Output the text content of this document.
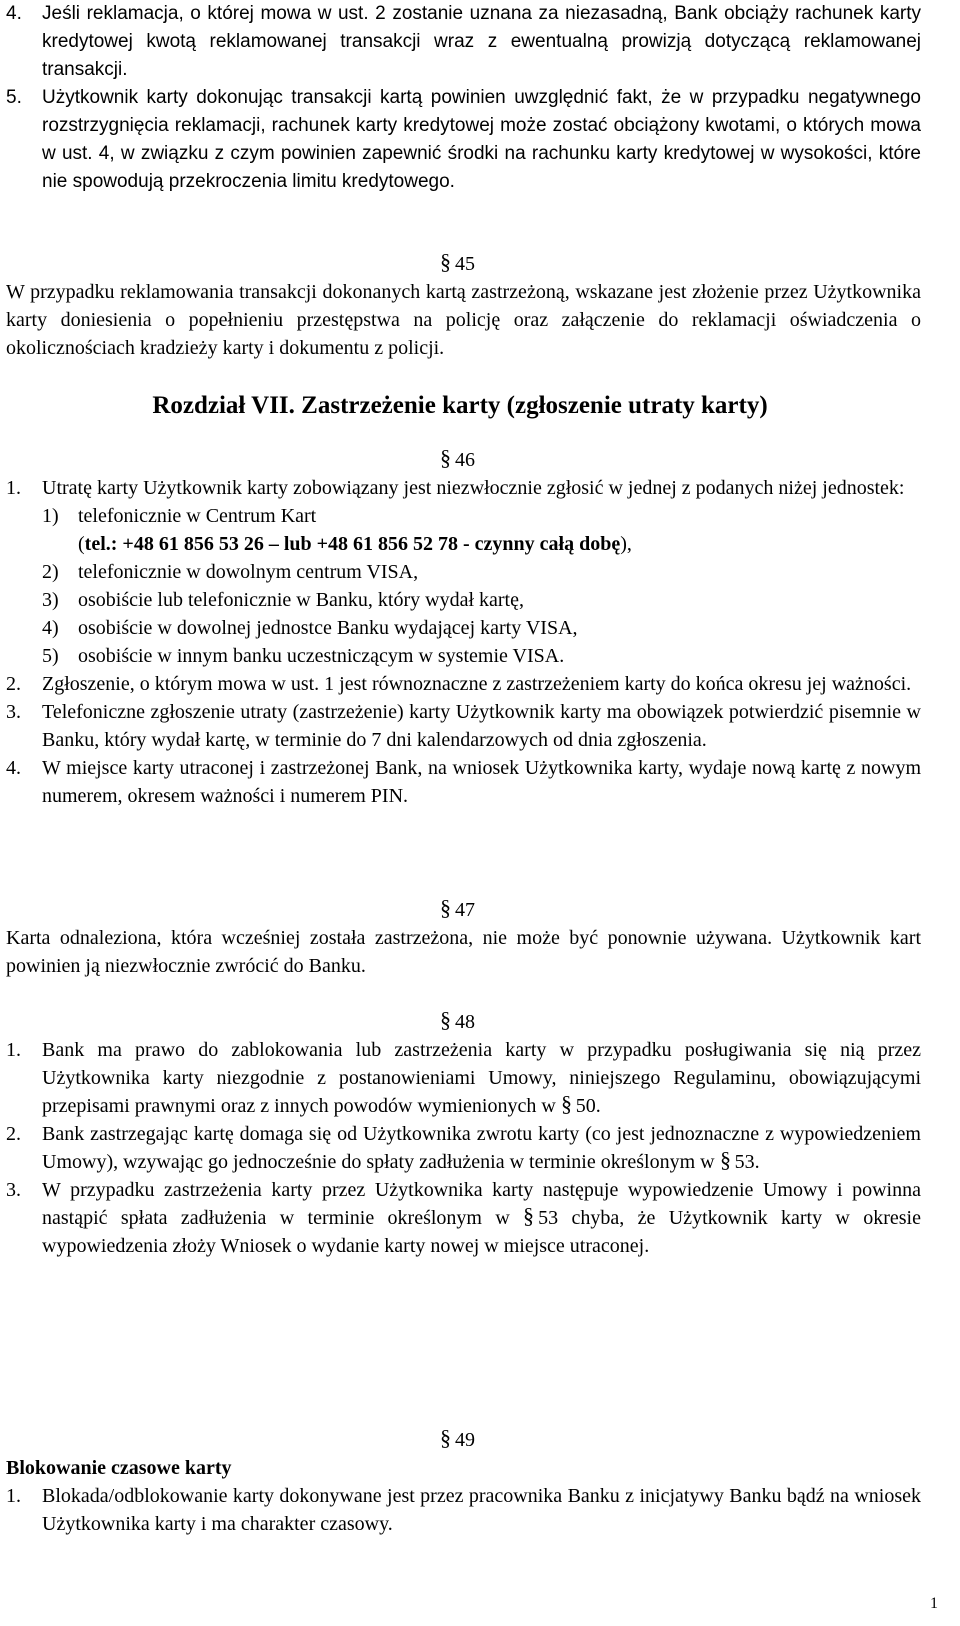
4. Jeśli reklamacja, o której mowa w ust. 2 zostanie uznana za niezasadną, Bank obciąży rachunek karty kredytowej kwotą reklamowanej transakcji wraz z ewentualną prowizją dotyczącą reklamowanej transakcji.
5. Użytkownik karty dokonując transakcji kartą powinien uwzględnić fakt, że w przypadku negatywnego rozstrzygnięcia reklamacji, rachunek karty kredytowej może zostać obciążony kwotami, o których mowa w ust. 4, w związku z czym powinien zapewnić środki na rachunku karty kredytowej w wysokości, które nie spowodują przekroczenia limitu kredytowego.
§ 45

W przypadku reklamowania transakcji dokonanych kartą zastrzeżoną, wskazane jest złożenie przez Użytkownika karty doniesienia o popełnieniu przestępstwa na policję oraz załączenie do reklamacji oświadczenia o okolicznościach kradzieży karty i dokumentu z policji.

Rozdział VII. Zastrzeżenie karty (zgłoszenie utraty karty)
§ 46
1. Utratę karty Użytkownik karty zobowiązany jest niezwłocznie zgłosić w jednej z podanych niżej jednostek:
1) telefonicznie w Centrum Kart
(tel.: +48 61 856 53 26 – lub +48 61 856 52 78 - czynny całą dobę),
2) telefonicznie w dowolnym centrum VISA,
3) osobiście lub telefonicznie w Banku, który wydał kartę,
4) osobiście w dowolnej jednostce Banku wydającej karty VISA,
5) osobiście w innym banku uczestniczącym w systemie VISA.
2. Zgłoszenie, o którym mowa w ust. 1 jest równoznaczne z zastrzeżeniem karty do końca okresu jej ważności.
3. Telefoniczne zgłoszenie utraty (zastrzeżenie) karty Użytkownik karty ma obowiązek potwierdzić pisemnie w Banku, który wydał kartę, w terminie do 7 dni kalendarzowych od dnia zgłoszenia.
4. W miejsce karty utraconej i zastrzeżonej Bank, na wniosek Użytkownika karty, wydaje nową kartę z nowym numerem, okresem ważności i numerem PIN.
§ 47

Karta odnaleziona, która wcześniej została zastrzeżona, nie może być ponownie używana. Użytkownik kart powinien ją niezwłocznie zwrócić do Banku.

§ 48
1. Bank ma prawo do zablokowania lub zastrzeżenia karty w przypadku posługiwania się nią przez Użytkownika karty niezgodnie z postanowieniami Umowy, niniejszego Regulaminu, obowiązującymi przepisami prawnymi oraz z innych powodów wymienionych w § 50.
2. Bank zastrzegając kartę domaga się od Użytkownika zwrotu karty (co jest jednoznaczne z wypowiedzeniem Umowy), wzywając go jednocześnie do spłaty zadłużenia w terminie określonym w § 53.
3. W przypadku zastrzeżenia karty przez Użytkownika karty następuje wypowiedzenie Umowy i powinna nastąpić spłata zadłużenia w terminie określonym w § 53 chyba, że Użytkownik karty w okresie wypowiedzenia złoży Wniosek o wydanie karty nowej w miejsce utraconej.
§ 49
Blokowanie czasowe karty
1. Blokada/odblokowanie karty dokonywane jest przez pracownika Banku z inicjatywy Banku bądź na wniosek Użytkownika karty i ma charakter czasowy.
1
